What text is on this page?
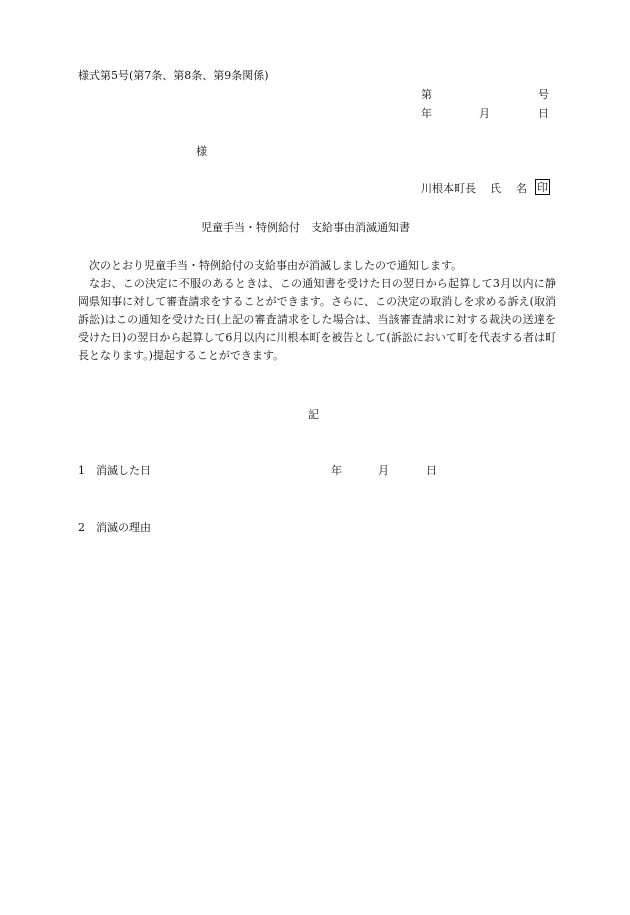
様式第5号(第7条、第8条、第9条関係)
第	号
年	月	日
様
川根本町長 氏 名 印
児童手当・特例給付　支給事由消滅通知書

次のとおり児童手当・特例給付の支給事由が消滅しましたので通知します。

なお、この決定に不服のあるときは、この通知書を受けた日の翌日から起算して3月以内に静岡県知事に対して審査請求をすることができます。さらに、この決定の取消しを求める訴え(取消訴訟)はこの通知を受けた日(上記の審査請求をした場合は、当該審査請求に対する裁決の送達を受けた日)の翌日から起算して6月以内に川根本町を被告として(訴訟において町を代表する者は町長となります。)提起することができます。

記
1　消滅した日	年	月	日
2　消滅の理由
